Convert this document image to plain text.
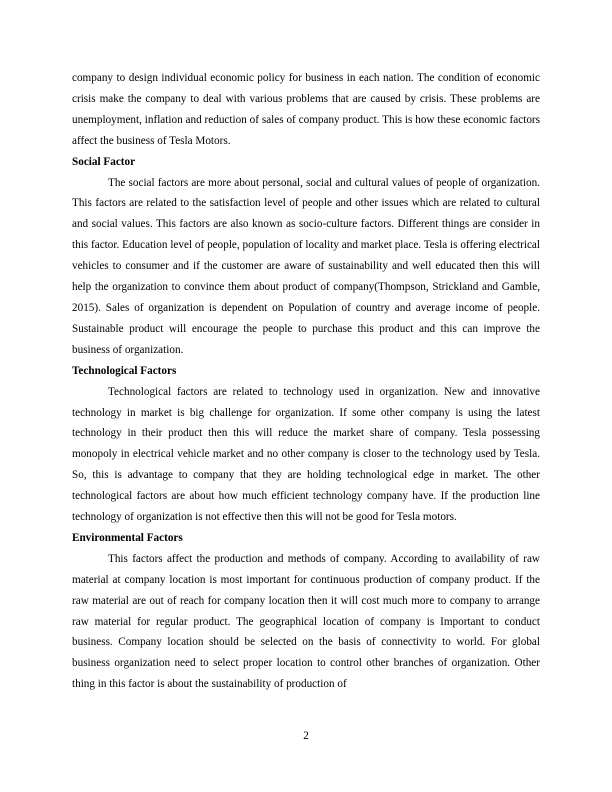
company to design individual economic policy for business in each nation. The condition of economic crisis make the company to deal with various problems that are caused by crisis. These problems are unemployment, inflation and reduction of sales of company product. This is how these economic factors affect the business of Tesla Motors.

Social Factor

The social factors are more about personal, social and cultural values of people of organization. This factors are related to the satisfaction level of people and other issues which are related to cultural and social values. This factors are also known as socio-culture factors. Different things are consider in this factor. Education level of people, population of locality and market place. Tesla is offering electrical vehicles to consumer and if the customer are aware of sustainability and well educated then this will help the organization to convince them about product of company(Thompson, Strickland and Gamble, 2015). Sales of organization is dependent on Population of country and average income of people. Sustainable product will encourage the people to purchase this product and this can improve the business of organization.

Technological Factors

Technological factors are related to technology used in organization. New and innovative technology in market is big challenge for organization. If some other company is using the latest technology in their product then this will reduce the market share of company. Tesla possessing monopoly in electrical vehicle market and no other company is closer to the technology used by Tesla. So, this is advantage to company that they are holding technological edge in market. The other technological factors are about how much efficient technology company have. If the production line technology of organization is not effective then this will not be good for Tesla motors.

Environmental Factors

This factors affect the production and methods of company. According to availability of raw material at company location is most important for continuous production of company product. If the raw material are out of reach for company location then it will cost much more to company to arrange raw material for regular product. The geographical location of company is Important to conduct business. Company location should be selected on the basis of connectivity to world. For global business organization need to select proper location to control other branches of organization. Other thing in this factor is about the sustainability of production of

2
